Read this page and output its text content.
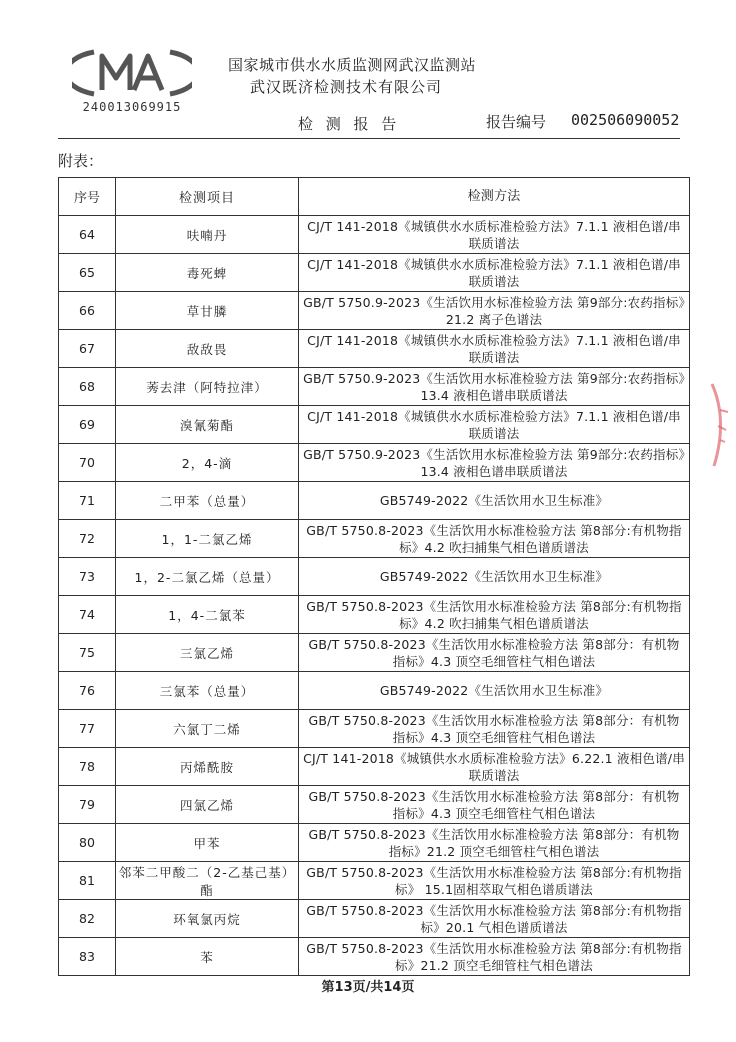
240013069915
国家城市供水水质监测网武汉监测站
武汉既济检测技术有限公司
检 测 报 告	报告编号 002506090052
附表：
序号	检测项目	检测方法
64	呋喃丹	CJ/T 141-2018《城镇供水水质标准检验方法》7.1.1 液相色谱/串联质谱法
65	毒死蜱	CJ/T 141-2018《城镇供水水质标准检验方法》7.1.1 液相色谱/串联质谱法
66	草甘膦	GB/T 5750.9-2023《生活饮用水标准检验方法 第9部分:农药指标》21.2 离子色谱法
67	敌敌畏	CJ/T 141-2018《城镇供水水质标准检验方法》7.1.1 液相色谱/串联质谱法
68	莠去津（阿特拉津）	GB/T 5750.9-2023《生活饮用水标准检验方法 第9部分:农药指标》13.4 液相色谱串联质谱法
69	溴氰菊酯	CJ/T 141-2018《城镇供水水质标准检验方法》7.1.1 液相色谱/串联质谱法
70	2，4-滴	GB/T 5750.9-2023《生活饮用水标准检验方法 第9部分:农药指标》13.4 液相色谱串联质谱法
71	二甲苯（总量）	GB5749-2022《生活饮用水卫生标准》
72	1，1-二氯乙烯	GB/T 5750.8-2023《生活饮用水标准检验方法 第8部分:有机物指标》4.2 吹扫捕集气相色谱质谱法
73	1，2-二氯乙烯（总量）	GB5749-2022《生活饮用水卫生标准》
74	1，4-二氯苯	GB/T 5750.8-2023《生活饮用水标准检验方法 第8部分:有机物指标》4.2 吹扫捕集气相色谱质谱法
75	三氯乙烯	GB/T 5750.8-2023《生活饮用水标准检验方法 第8部分：有机物指标》4.3 顶空毛细管柱气相色谱法
76	三氯苯（总量）	GB5749-2022《生活饮用水卫生标准》
77	六氯丁二烯	GB/T 5750.8-2023《生活饮用水标准检验方法 第8部分：有机物指标》4.3 顶空毛细管柱气相色谱法
78	丙烯酰胺	CJ/T 141-2018《城镇供水水质标准检验方法》6.22.1 液相色谱/串联质谱法
79	四氯乙烯	GB/T 5750.8-2023《生活饮用水标准检验方法 第8部分：有机物指标》4.3 顶空毛细管柱气相色谱法
80	甲苯	GB/T 5750.8-2023《生活饮用水标准检验方法 第8部分：有机物指标》21.2 顶空毛细管柱气相色谱法
81	邻苯二甲酸二（2-乙基己基）酯	GB/T 5750.8-2023《生活饮用水标准检验方法 第8部分:有机物指标》 15.1固相萃取气相色谱质谱法
82	环氧氯丙烷	GB/T 5750.8-2023《生活饮用水标准检验方法 第8部分:有机物指标》20.1 气相色谱质谱法
83	苯	GB/T 5750.8-2023《生活饮用水标准检验方法 第8部分:有机物指标》21.2 顶空毛细管柱气相色谱法
第13页/共14页
